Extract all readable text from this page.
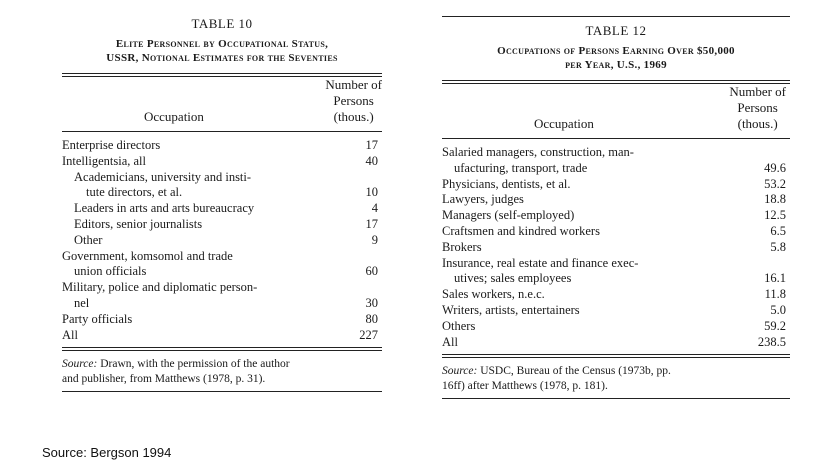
TABLE 10
Elite Personnel by Occupational Status,
USSR, Notional Estimates for the Seventies
Occupation
Number of
Persons
(thous.)
Enterprise directors	17
Intelligentsia, all	40
Academicians, university and insti-
tute directors, et al.	10
Leaders in arts and arts bureaucracy	4
Editors, senior journalists	17
Other	9
Government, komsomol and trade
union officials	60
Military, police and diplomatic person-
nel	30
Party officials	80
All	227
Source: Drawn, with the permission of the author
and publisher, from Matthews (1978, p. 31).
TABLE 12
Occupations of Persons Earning Over $50,000
per Year, U.S., 1969
Occupation
Number of
Persons
(thous.)
Salaried managers, construction, man-
ufacturing, transport, trade	49.6
Physicians, dentists, et al.	53.2
Lawyers, judges	18.8
Managers (self-employed)	12.5
Craftsmen and kindred workers	6.5
Brokers	5.8
Insurance, real estate and finance exec-
utives; sales employees	16.1
Sales workers, n.e.c.	11.8
Writers, artists, entertainers	5.0
Others	59.2
All	238.5
Source: USDC, Bureau of the Census (1973b, pp.
16ff) after Matthews (1978, p. 181).
Source: Bergson 1994
